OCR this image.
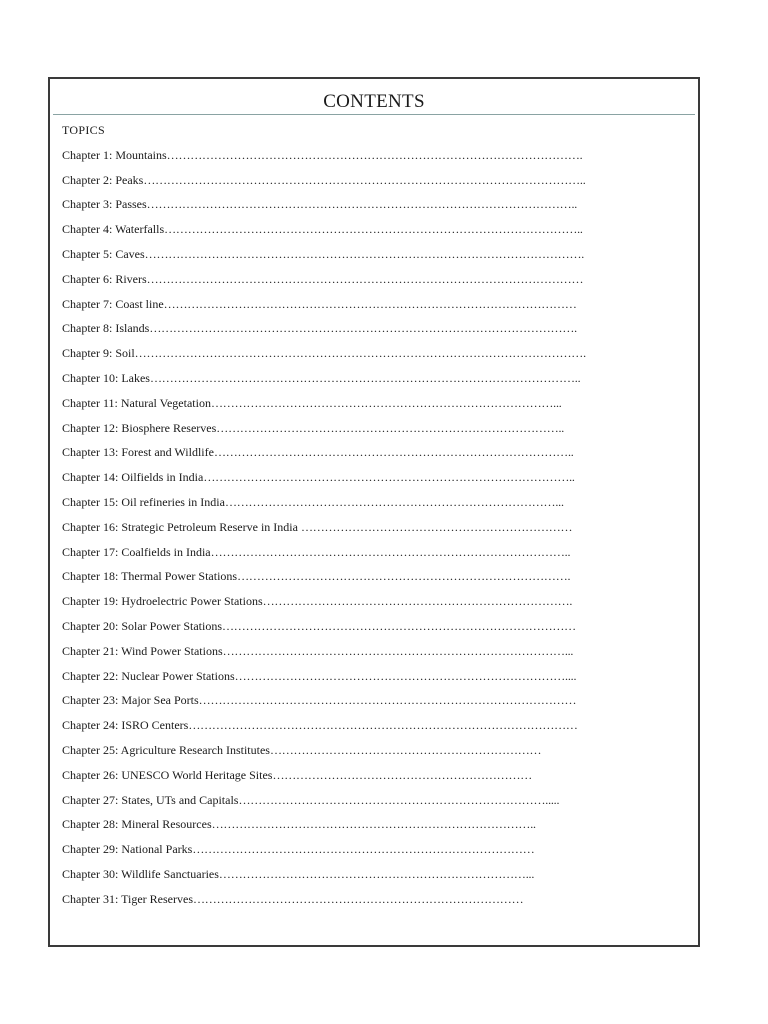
CONTENTS
TOPICS
Chapter 1: Mountains …………………………………………………………………………………………….
Chapter 2: Peaks …………………………………………………………………………………………………..
Chapter 3: Passes ………………………………………………………………………………………………..
Chapter 4: Waterfalls ……………………………………………………………………………………………..
Chapter 5: Caves ………………………………………………………………………………………………….
Chapter 6: Rivers …………………………………………………………………………………………………
Chapter 7: Coast line ……………………………………………………………………………………………
Chapter 8: Islands ……………………………………………………………………………………………….
Chapter 9: Soil …………………………………………………………………………………………………….
Chapter 10: Lakes ………………………………………………………………………………………………..
Chapter 11: Natural Vegetation ……………………………………………………………………………...
Chapter 12: Biosphere Reserves ……………………………………………………………………………..
Chapter 13: Forest and Wildlife ………………………………………………………………………………..
Chapter 14: Oilfields in India …………………………………………………………………………………..
Chapter 15: Oil refineries in India …………………………………………………………………………...
Chapter 16: Strategic Petroleum Reserve in India ……………………………………………………………
Chapter 17: Coalfields in India ………………………………………………………………………………..
Chapter 18: Thermal Power Stations ………………………………………………………………………….
Chapter 19: Hydroelectric Power Stations …………………………………………………………………….
Chapter 20: Solar Power Stations ………………………………………………………………………………
Chapter 21: Wind Power Stations ……………………………………………………………………………...
Chapter 22: Nuclear Power Stations …………………………………………………………………………....
Chapter 23: Major Sea Ports ……………………………………………………………………………………
Chapter 24: ISRO Centers ………………………………………………………………………………………
Chapter 25: Agriculture Research Institutes ……………………………………………………………
Chapter 26: UNESCO World Heritage Sites …………………………………………………………
Chapter 27: States, UTs and Capitals …………………………………………………………………….....
Chapter 28: Mineral Resources ………………………………………………………………………..
Chapter 29: National Parks ……………………………………………………………………………
Chapter 30: Wildlife Sanctuaries ……………………………………………………………………...
Chapter 31: Tiger Reserves …………………………………………………………………………
